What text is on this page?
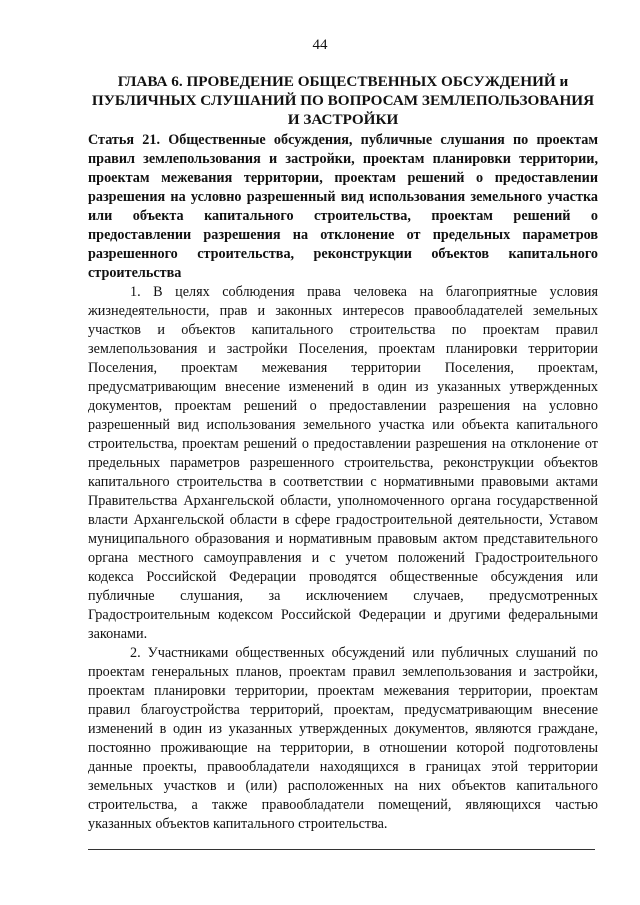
44
ГЛАВА 6. ПРОВЕДЕНИЕ ОБЩЕСТВЕННЫХ ОБСУЖДЕНИЙ и ПУБЛИЧНЫХ СЛУШАНИЙ ПО ВОПРОСАМ ЗЕМЛЕПОЛЬЗОВАНИЯ И ЗАСТРОЙКИ
Статья 21. Общественные обсуждения, публичные слушания по проектам правил землепользования и застройки, проектам планировки территории, проектам межевания территории, проектам решений о предоставлении разрешения на условно разрешенный вид использования земельного участка или объекта капитального строительства, проектам решений о предоставлении разрешения на отклонение от предельных параметров разрешенного строительства, реконструкции объектов капитального строительства

1. В целях соблюдения права человека на благоприятные условия жизнедеятельности, прав и законных интересов правообладателей земельных участков и объектов капитального строительства по проектам правил землепользования и застройки Поселения, проектам планировки территории Поселения, проектам межевания территории Поселения, проектам, предусматривающим внесение изменений в один из указанных утвержденных документов, проектам решений о предоставлении разрешения на условно разрешенный вид использования земельного участка или объекта капитального строительства, проектам решений о предоставлении разрешения на отклонение от предельных параметров разрешенного строительства, реконструкции объектов капитального строительства в соответствии с нормативными правовыми актами Правительства Архангельской области, уполномоченного органа государственной власти Архангельской области в сфере градостроительной деятельности, Уставом муниципального образования и нормативным правовым актом представительного органа местного самоуправления и с учетом положений Градостроительного кодекса Российской Федерации проводятся общественные обсуждения или публичные слушания, за исключением случаев, предусмотренных Градостроительным кодексом Российской Федерации и другими федеральными законами.

2. Участниками общественных обсуждений или публичных слушаний по проектам генеральных планов, проектам правил землепользования и застройки, проектам планировки территории, проектам межевания территории, проектам правил благоустройства территорий, проектам, предусматривающим внесение изменений в один из указанных утвержденных документов, являются граждане, постоянно проживающие на территории, в отношении которой подготовлены данные проекты, правообладатели находящихся в границах этой территории земельных участков и (или) расположенных на них объектов капитального строительства, а также правообладатели помещений, являющихся частью указанных объектов капитального строительства.
